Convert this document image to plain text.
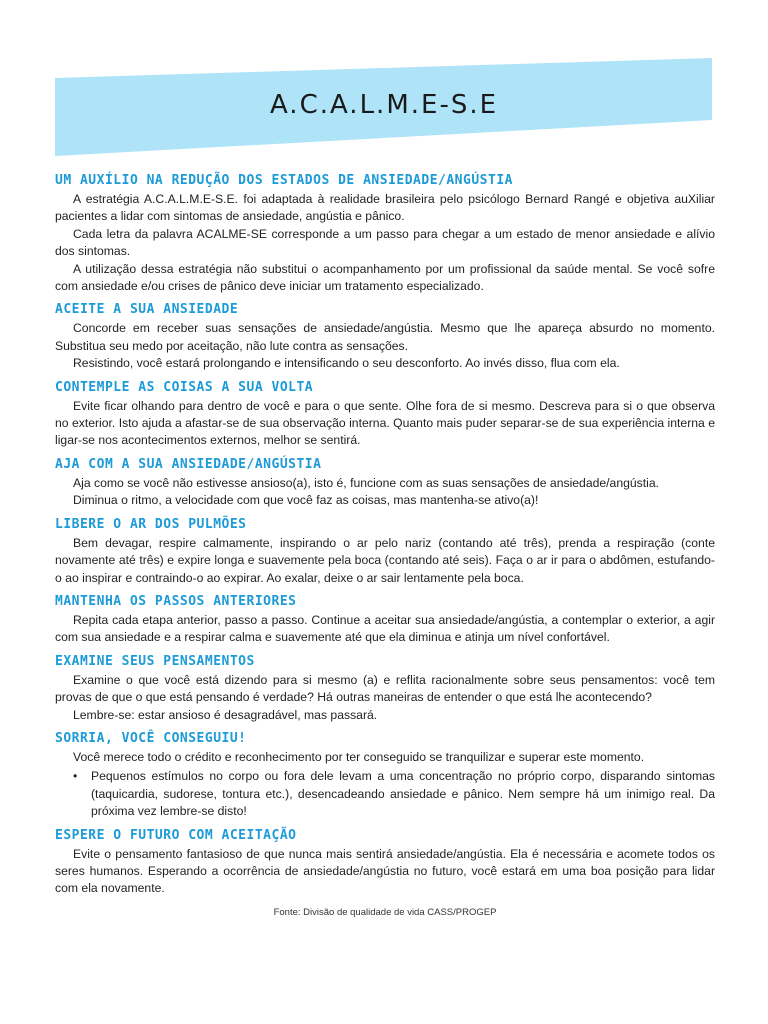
A.C.A.L.M.E-S.E
UM AUXÍLIO NA REDUÇÃO DOS ESTADOS DE ANSIEDADE/ANGÚSTIA

A estratégia A.C.A.L.M.E-S.E. foi adaptada à realidade brasileira pelo psicólogo Bernard Rangé e objetiva auXiliar pacientes a lidar com sintomas de ansiedade, angústia e pânico.

Cada letra da palavra ACALME-SE corresponde a um passo para chegar a um estado de menor ansiedade e alívio dos sintomas.

A utilização dessa estratégia não substitui o acompanhamento por um profissional da saúde mental. Se você sofre com ansiedade e/ou crises de pânico deve iniciar um tratamento especializado.

ACEITE A SUA ANSIEDADE

Concorde em receber suas sensações de ansiedade/angústia. Mesmo que lhe apareça absurdo no momento. Substitua seu medo por aceitação, não lute contra as sensações.

Resistindo, você estará prolongando e intensificando o seu desconforto. Ao invés disso, flua com ela.

CONTEMPLE AS COISAS A SUA VOLTA

Evite ficar olhando para dentro de você e para o que sente. Olhe fora de si mesmo. Descreva para si o que observa no exterior. Isto ajuda a afastar-se de sua observação interna. Quanto mais puder separar-se de sua experiência interna e ligar-se nos acontecimentos externos, melhor se sentirá.

AJA COM A SUA ANSIEDADE/ANGÚSTIA

Aja como se você não estivesse ansioso(a), isto é, funcione com as suas sensações de ansiedade/angústia.

Diminua o ritmo, a velocidade com que você faz as coisas, mas mantenha-se ativo(a)!

LIBERE O AR DOS PULMÕES

Bem devagar, respire calmamente, inspirando o ar pelo nariz (contando até três), prenda a respiração (conte novamente até três) e expire longa e suavemente pela boca (contando até seis). Faça o ar ir para o abdômen, estufando-o ao inspirar e contraindo-o ao expirar. Ao exalar, deixe o ar sair lentamente pela boca.

MANTENHA OS PASSOS ANTERIORES

Repita cada etapa anterior, passo a passo. Continue a aceitar sua ansiedade/angústia, a contemplar o exterior, a agir com sua ansiedade e a respirar calma e suavemente até que ela diminua e atinja um nível confortável.

EXAMINE SEUS PENSAMENTOS

Examine o que você está dizendo para si mesmo (a) e reflita racionalmente sobre seus pensamentos: você tem provas de que o que está pensando é verdade? Há outras maneiras de entender o que está lhe acontecendo?

Lembre-se: estar ansioso é desagradável, mas passará.

SORRIA, VOCÊ CONSEGUIU!

Você merece todo o crédito e reconhecimento por ter conseguido se tranquilizar e superar este momento.

• Pequenos estímulos no corpo ou fora dele levam a uma concentração no próprio corpo, disparando sintomas (taquicardia, sudorese, tontura etc.), desencadeando ansiedade e pânico. Nem sempre há um inimigo real. Da próxima vez lembre-se disto!
ESPERE O FUTURO COM ACEITAÇÃO

Evite o pensamento fantasioso de que nunca mais sentirá ansiedade/angústia. Ela é necessária e acomete todos os seres humanos. Esperando a ocorrência de ansiedade/angústia no futuro, você estará em uma boa posição para lidar com ela novamente.

Fonte: Divisão de qualidade de vida CASS/PROGEP
